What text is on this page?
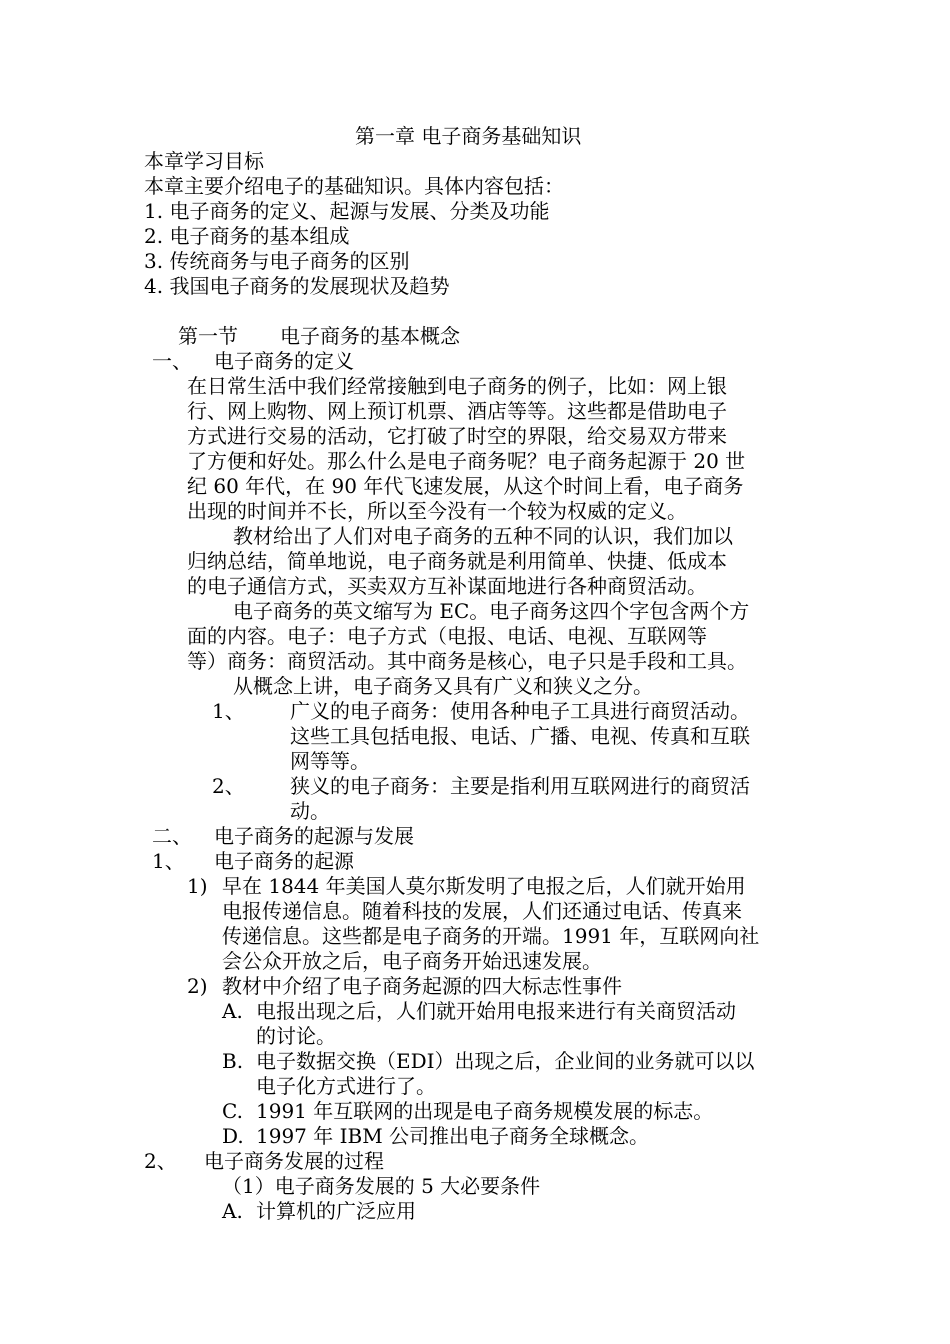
第一章 电子商务基础知识
本章学习目标
本章主要介绍电子的基础知识。具体内容包括：
1. 电子商务的定义、起源与发展、分类及功能
2. 电子商务的基本组成
3. 传统商务与电子商务的区别
4. 我国电子商务的发展现状及趋势
第一节 电子商务的基本概念
一、 电子商务的定义
在日常生活中我们经常接触到电子商务的例子，比如：网上银
行、网上购物、网上预订机票、酒店等等。这些都是借助电子
方式进行交易的活动，它打破了时空的界限，给交易双方带来
了方便和好处。那么什么是电子商务呢？电子商务起源于 20 世
纪 60 年代，在 90 年代飞速发展，从这个时间上看，电子商务
出现的时间并不长，所以至今没有一个较为权威的定义。
教材给出了人们对电子商务的五种不同的认识，我们加以
归纳总结，简单地说，电子商务就是利用简单、快捷、低成本
的电子通信方式，买卖双方互补谋面地进行各种商贸活动。
电子商务的英文缩写为 EC。电子商务这四个字包含两个方
面的内容。电子：电子方式（电报、电话、电视、互联网等
等）商务：商贸活动。其中商务是核心，电子只是手段和工具。
从概念上讲，电子商务又具有广义和狭义之分。
1、 广义的电子商务：使用各种电子工具进行商贸活动。
这些工具包括电报、电话、广播、电视、传真和互联
网等等。
2、 狭义的电子商务：主要是指利用互联网进行的商贸活
动。
二、 电子商务的起源与发展
1、 电子商务的起源
1) 早在 1844 年美国人莫尔斯发明了电报之后，人们就开始用
电报传递信息。随着科技的发展，人们还通过电话、传真来
传递信息。这些都是电子商务的开端。1991 年，互联网向社
会公众开放之后，电子商务开始迅速发展。
2) 教材中介绍了电子商务起源的四大标志性事件
A. 电报出现之后，人们就开始用电报来进行有关商贸活动
的讨论。
B. 电子数据交换（EDI）出现之后，企业间的业务就可以以
电子化方式进行了。
C. 1991 年互联网的出现是电子商务规模发展的标志。
D. 1997 年 IBM 公司推出电子商务全球概念。
2、 电子商务发展的过程
（1）电子商务发展的 5 大必要条件
A. 计算机的广泛应用
